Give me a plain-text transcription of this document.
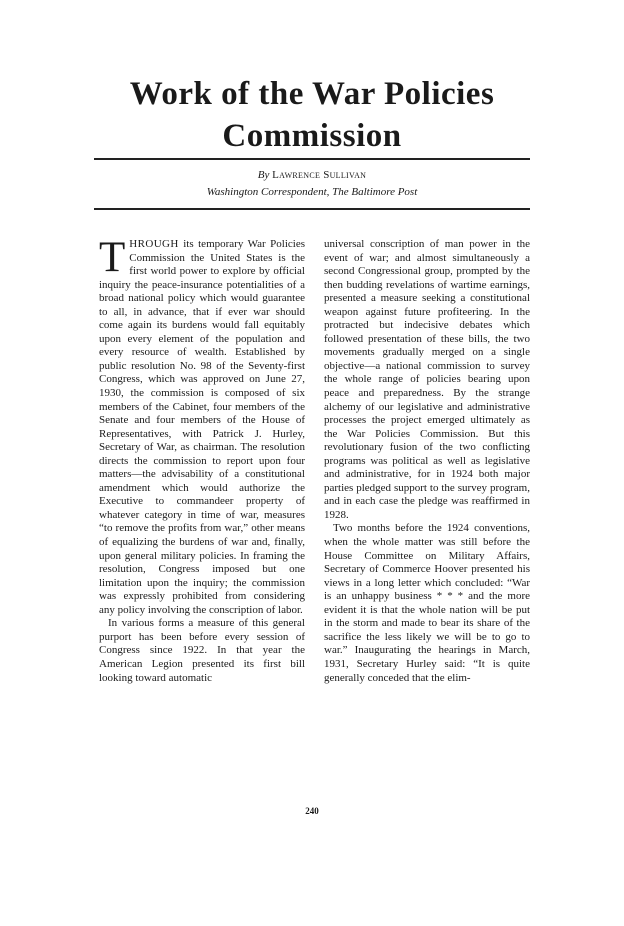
Work of the War Policies
Commission
By Lawrence Sullivan
Washington Correspondent, The Baltimore Post

THROUGH its temporary War Policies Commission the United States is the first world power to explore by official inquiry the peace-insurance potentialities of a broad national policy which would guarantee to all, in advance, that if ever war should come again its burdens would fall equitably upon every element of the population and every resource of wealth. Established by public resolution No. 98 of the Seventy-first Congress, which was approved on June 27, 1930, the commission is composed of six members of the Cabinet, four members of the Senate and four members of the House of Representatives, with Patrick J. Hurley, Secretary of War, as chairman. The resolution directs the commission to report upon four matters—the advisability of a constitutional amendment which would authorize the Executive to commandeer property of whatever category in time of war, measures “to remove the profits from war,” other means of equalizing the burdens of war and, finally, upon general military policies. In framing the resolution, Congress imposed but one limitation upon the inquiry; the commission was expressly prohibited from considering any policy involving the conscription of labor.

In various forms a measure of this general purport has been before every session of Congress since 1922. In that year the American Legion presented its first bill looking toward automatic

universal conscription of man power in the event of war; and almost simultaneously a second Congressional group, prompted by the then budding revelations of wartime earnings, presented a measure seeking a constitutional weapon against future profiteering. In the protracted but indecisive debates which followed presentation of these bills, the two movements gradually merged on a single objective—a national commission to survey the whole range of policies bearing upon peace and preparedness. By the strange alchemy of our legislative and administrative processes the project emerged ultimately as the War Policies Commission. But this revolutionary fusion of the two conflicting programs was political as well as legislative and administrative, for in 1924 both major parties pledged support to the survey program, and in each case the pledge was reaffirmed in 1928.

Two months before the 1924 conventions, when the whole matter was still before the House Committee on Military Affairs, Secretary of Commerce Hoover presented his views in a long letter which concluded: “War is an unhappy business * * * and the more evident it is that the whole nation will be put in the storm and made to bear its share of the sacrifice the less likely we will be to go to war.” Inaugurating the hearings in March, 1931, Secretary Hurley said: “It is quite generally conceded that the elim-

240
